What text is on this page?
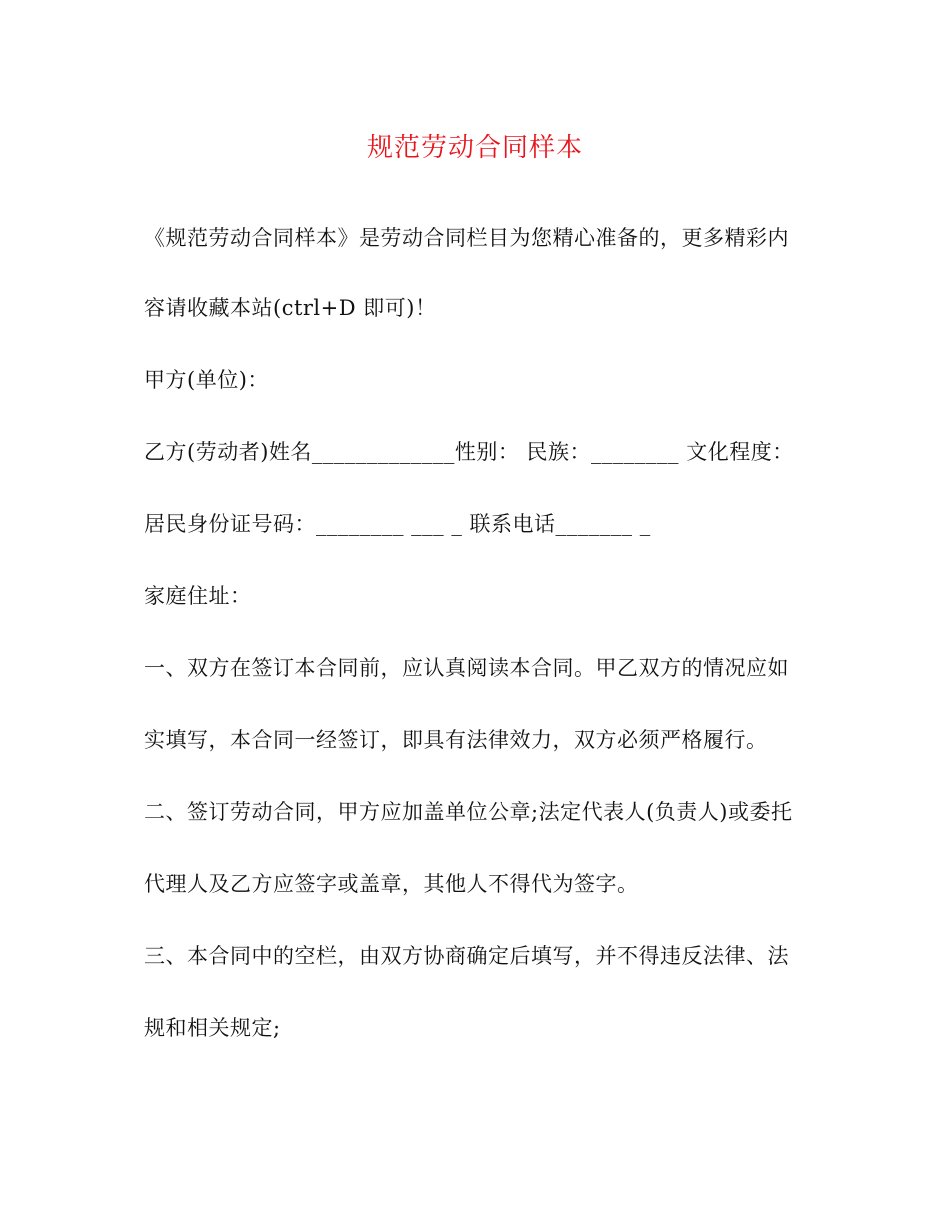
规范劳动合同样本
《规范劳动合同样本》是劳动合同栏目为您精心准备的，更多精彩内
容请收藏本站(ctrl+D 即可)！
甲方(单位)：
乙方(劳动者)姓名_____________性别： 民族：________ 文化程度：
居民身份证号码：________ ___ _ 联系电话_______ _
家庭住址：
一、双方在签订本合同前，应认真阅读本合同。甲乙双方的情况应如
实填写，本合同一经签订，即具有法律效力，双方必须严格履行。
二、签订劳动合同，甲方应加盖单位公章;法定代表人(负责人)或委托
代理人及乙方应签字或盖章，其他人不得代为签字。
三、本合同中的空栏，由双方协商确定后填写，并不得违反法律、法
规和相关规定;
